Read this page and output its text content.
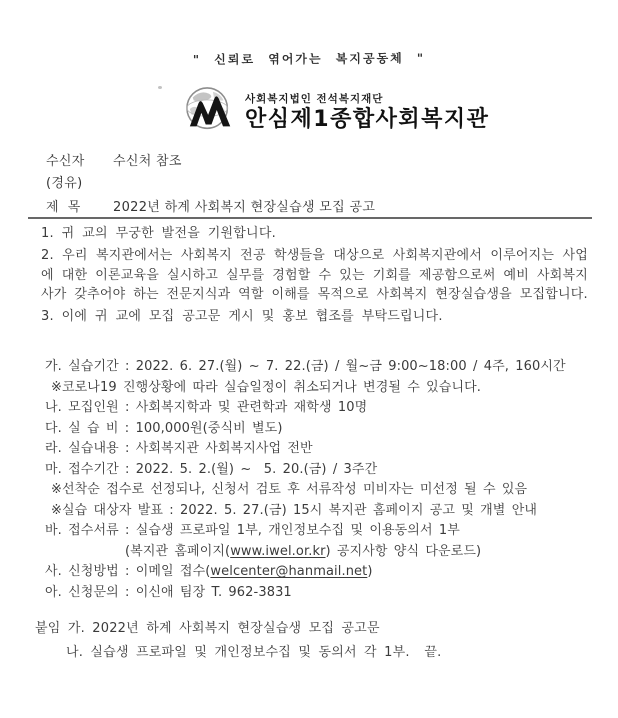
" 신뢰로 엮어가는 복지공동체 "
사회복지법인 전석복지재단
안심제1종합사회복지관
수신자 수신처 참조
(경유)
제  목 2022년 하계 사회복지 현장실습생 모집 공고

1. 귀 교의 무궁한 발전을 기원합니다.

2. 우리 복지관에서는 사회복지 전공 학생들을 대상으로 사회복지관에서 이루어지는 사업에 대한 이론교육을 실시하고 실무를 경험할 수 있는 기회를 제공함으로써 예비 사회복지사가 갖추어야 하는 전문지식과 역할 이해를 목적으로 사회복지 현장실습생을 모집합니다.

3. 이에 귀 교에 모집 공고문 게시 및 홍보 협조를 부탁드립니다.

가. 실습기간 : 2022. 6. 27.(월) ~ 7. 22.(금) / 월~금 9:00~18:00 / 4주, 160시간
※코로나19 진행상황에 따라 실습일정이 취소되거나 변경될 수 있습니다.
나. 모집인원 : 사회복지학과 및 관련학과 재학생 10명
다. 실 습 비 : 100,000원(중식비 별도)
라. 실습내용 : 사회복지관 사회복지사업 전반
마. 접수기간 : 2022. 5. 2.(월) ~  5. 20.(금) / 3주간
※선착순 접수로 선정되나, 신청서 검토 후 서류작성 미비자는 미선정 될 수 있음
※실습 대상자 발표 : 2022. 5. 27.(금) 15시 복지관 홈페이지 공고 및 개별 안내
바. 접수서류 : 실습생 프로파일 1부, 개인정보수집 및 이용동의서 1부
(복지관 홈페이지(www.iwel.or.kr) 공지사항 양식 다운로드)
사. 신청방법 : 이메일 접수(welcenter@hanmail.net)
아. 신청문의 : 이신애 팀장 T. 962-3831
붙임 가. 2022년 하계 사회복지 현장실습생 모집 공고문
나. 실습생 프로파일 및 개인정보수집 및 동의서 각 1부.  끝.
